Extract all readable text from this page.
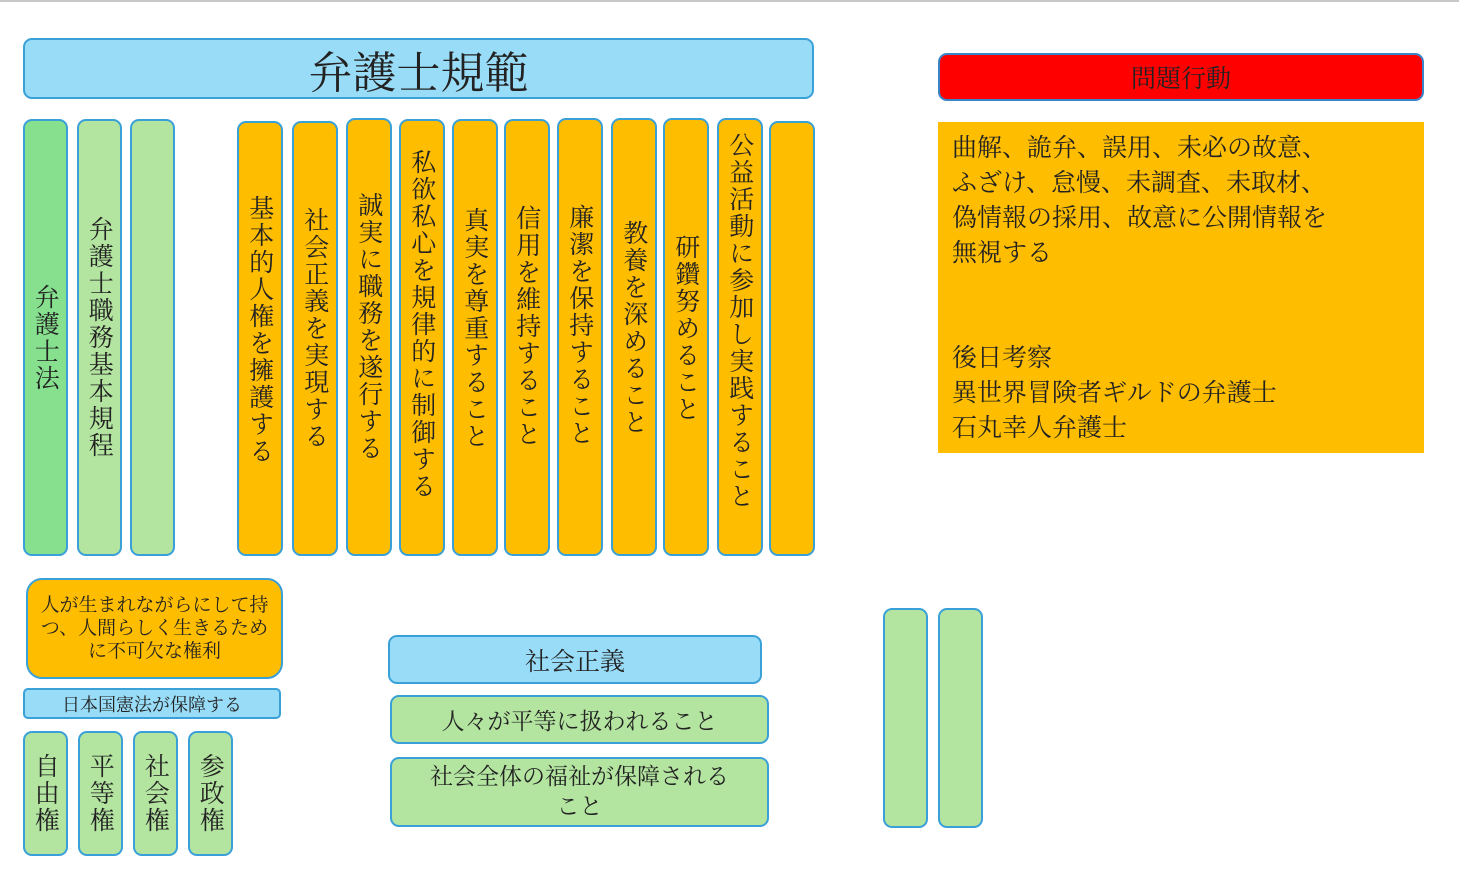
弁護士規範
弁護士法 弁護士職務基本規程	基本的人権を擁護する 社会正義を実現する 誠実に職務を遂行する 私欲私心を規律的に制御する 真実を尊重すること 信用を維持すること 廉潔を保持すること 教養を深めること 研鑽努めること 公益活動に参加し実践すること
問題行動

曲解、詭弁、誤用、未必の故意、
ふざけ、怠慢、未調査、未取材、
偽情報の採用、故意に公開情報を
無視する

後日考察
異世界冒険者ギルドの弁護士
石丸幸人弁護士

人が生まれながらにして持つ、人間らしく生きるために不可欠な権利
日本国憲法が保障する
自由権 平等権 社会権 参政権
社会正義
人々が平等に扱われること
社会全体の福祉が保障されること
